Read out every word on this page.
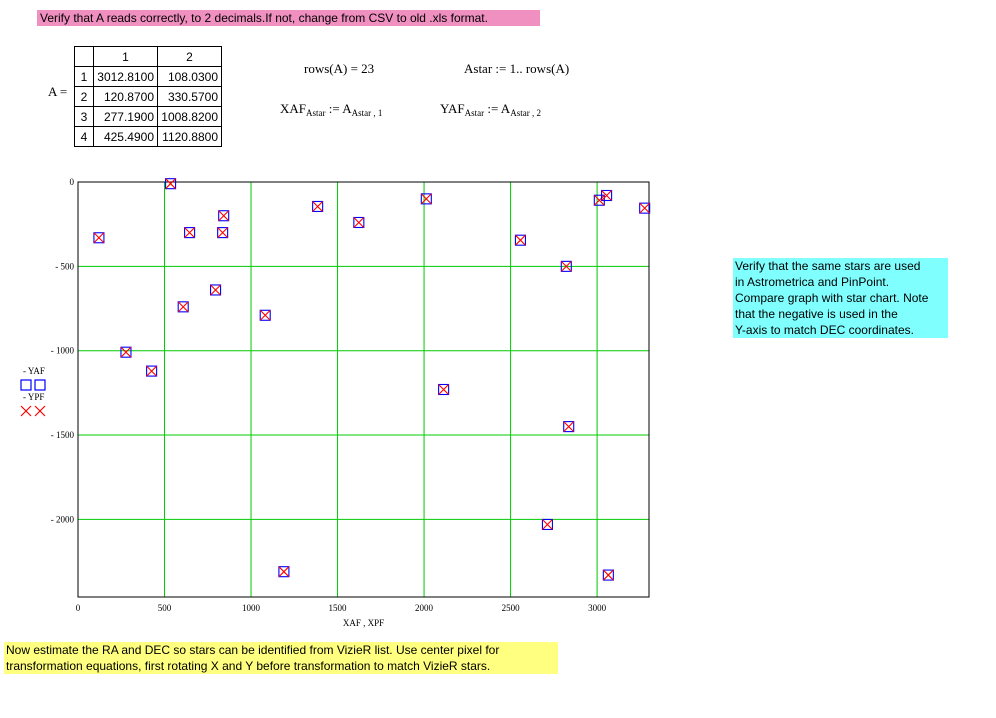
Verify that A reads correctly, to 2 decimals.If not, change from CSV to old .xls format.
A =
	1	2
1	3012.8100	108.0300
2	120.8700	330.5700
3	277.1900	1008.8200
4	425.4900	1120.8800
rows(A) = 23	Astar := 1.. rows(A)
$XAF_{Astar}$ := $A_{Astar , 1}$	$YAF_{Astar}$ := $A_{Astar , 2}$
0	500	1000	1500	2000	2500	3000
0
- 500
- 1000
- 1500
- 2000
XAF , XPF
- YAF
- YPF
Verify that the same stars are used
in Astrometrica and PinPoint.
Compare graph with star chart. Note
that the negative is used in the
Y-axis to match DEC coordinates.
Now estimate the RA and DEC so stars can be identified from VizieR list. Use center pixel for
transformation equations, first rotating X and Y before transformation to match VizieR stars.
